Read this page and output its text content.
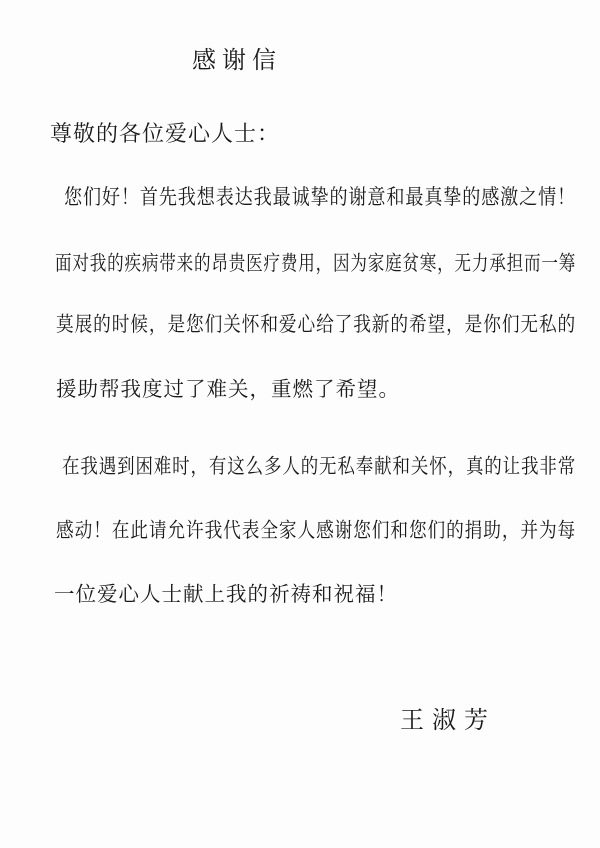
感谢信
尊敬的各位爱心人士：
您们好！首先我想表达我最诚挚的谢意和最真挚的感激之情！
面对我的疾病带来的昂贵医疗费用，因为家庭贫寒，无力承担而一筹
莫展的时候，是您们关怀和爱心给了我新的希望，是你们无私的
援助帮我度过了难关，重燃了希望。
在我遇到困难时，有这么多人的无私奉献和关怀，真的让我非常
感动！在此请允许我代表全家人感谢您们和您们的捐助，并为每
一位爱心人士献上我的祈祷和祝福！
王淑芳
